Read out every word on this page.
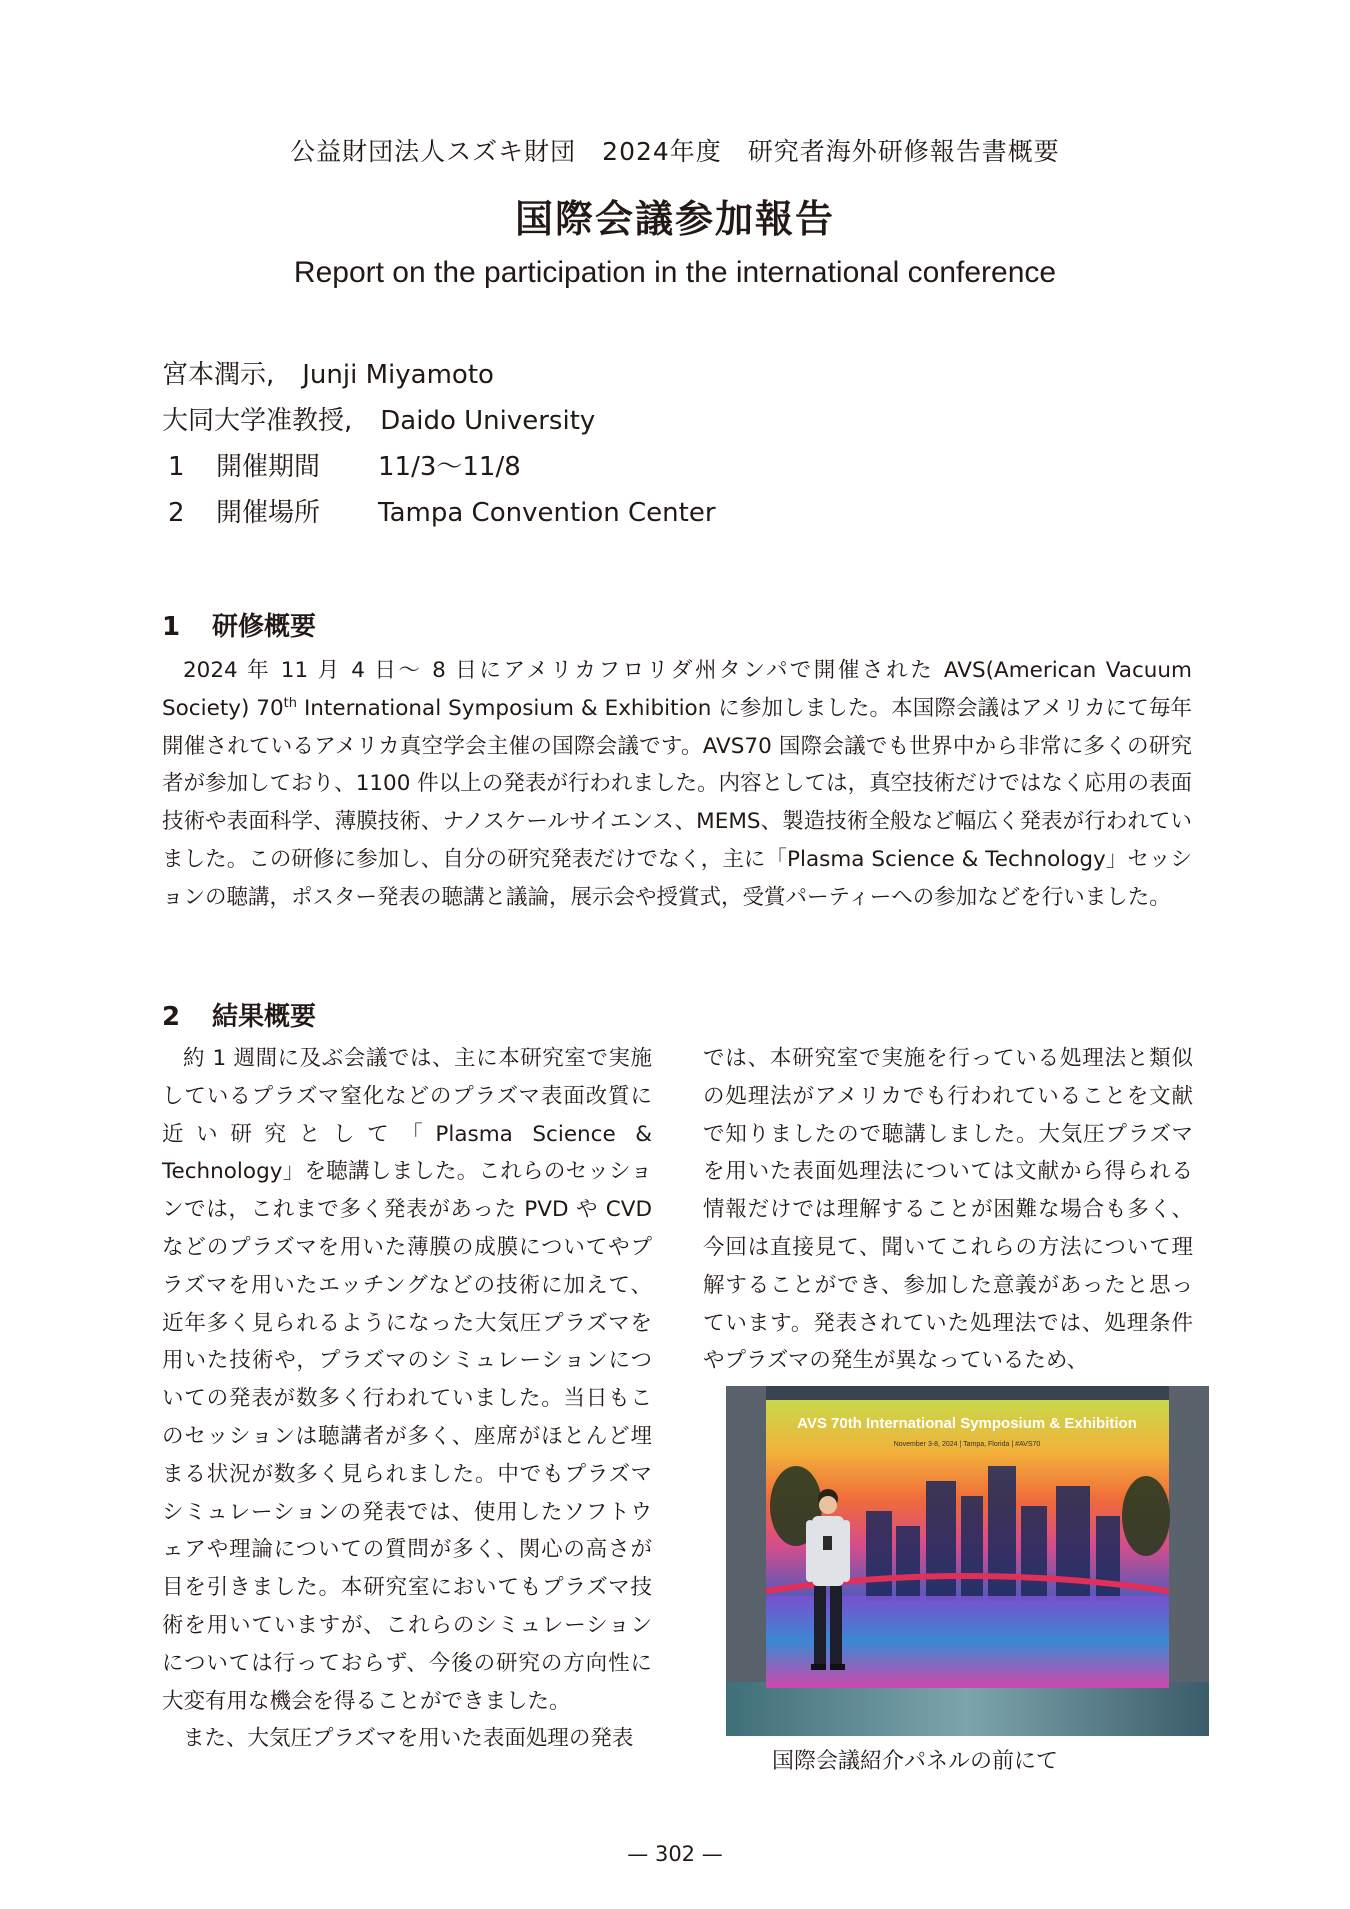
公益財団法人スズキ財団　2024年度　研究者海外研修報告書概要
国際会議参加報告
Report on the participation in the international conference
宮本潤示, Junji Miyamoto
大同大学准教授, Daido University
1 開催期間 11/3～11/8
2 開催場所 Tampa Convention Center
1 研修概要

2024 年 11 月 4 日～ 8 日にアメリカフロリダ州タンパで開催された AVS(American Vacuum Society) 70th International Symposium & Exhibition に参加しました。本国際会議はアメリカにて毎年開催されているアメリカ真空学会主催の国際会議です。AVS70 国際会議でも世界中から非常に多くの研究者が参加しており、1100 件以上の発表が行われました。内容としては，真空技術だけではなく応用の表面技術や表面科学、薄膜技術、ナノスケールサイエンス、MEMS、製造技術全般など幅広く発表が行われていました。この研修に参加し、自分の研究発表だけでなく，主に「Plasma Science & Technology」セッションの聴講，ポスター発表の聴講と議論，展示会や授賞式，受賞パーティーへの参加などを行いました。

2 結果概要

約 1 週間に及ぶ会議では、主に本研究室で実施しているプラズマ窒化などのプラズマ表面改質に近い研究として「Plasma Science & Technology」を聴講しました。これらのセッションでは，これまで多く発表があった PVD や CVD などのプラズマを用いた薄膜の成膜についてやプラズマを用いたエッチングなどの技術に加えて、近年多く見られるようになった大気圧プラズマを用いた技術や，プラズマのシミュレーションについての発表が数多く行われていました。当日もこのセッションは聴講者が多く、座席がほとんど埋まる状況が数多く見られました。中でもプラズマシミュレーションの発表では、使用したソフトウェアや理論についての質問が多く、関心の高さが目を引きました。本研究室においてもプラズマ技術を用いていますが、これらのシミュレーションについては行っておらず、今後の研究の方向性に大変有用な機会を得ることができました。

また、大気圧プラズマを用いた表面処理の発表

では、本研究室で実施を行っている処理法と類似の処理法がアメリカでも行われていることを文献で知りましたので聴講しました。大気圧プラズマを用いた表面処理法については文献から得られる情報だけでは理解することが困難な場合も多く、今回は直接見て、聞いてこれらの方法について理解することができ、参加した意義があったと思っています。発表されていた処理法では、処理条件やプラズマの発生が異なっているため、

AVS 70th International Symposium & Exhibition
November 3-8, 2024 | Tampa, Florida | #AVS70
国際会議紹介パネルの前にて
— 302 —
